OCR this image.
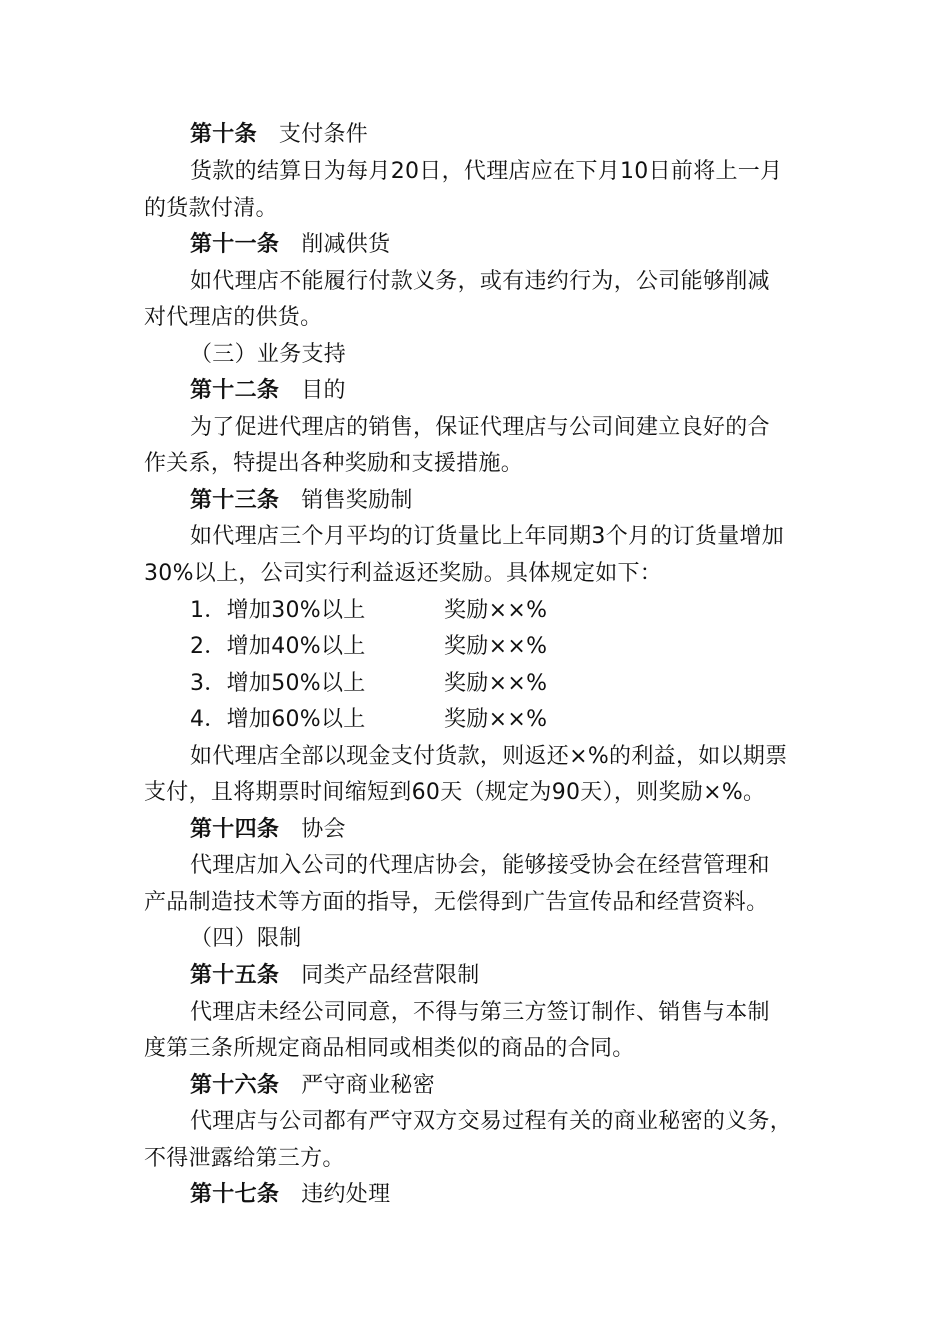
第十条 支付条件
货款的结算日为每月20日，代理店应在下月10日前将上一月
的货款付清。
第十一条 削减供货
如代理店不能履行付款义务，或有违约行为，公司能够削减
对代理店的供货。
（三）业务支持
第十二条 目的
为了促进代理店的销售，保证代理店与公司间建立良好的合
作关系，特提出各种奖励和支援措施。
第十三条 销售奖励制
如代理店三个月平均的订货量比上年同期3个月的订货量增加
30%以上，公司实行利益返还奖励。具体规定如下：
1．增加30%以上	奖励××%
2．增加40%以上	奖励××%
3．增加50%以上	奖励××%
4．增加60%以上	奖励××%
如代理店全部以现金支付货款，则返还×%的利益，如以期票
支付，且将期票时间缩短到60天（规定为90天），则奖励×%。
第十四条 协会
代理店加入公司的代理店协会，能够接受协会在经营管理和
产品制造技术等方面的指导，无偿得到广告宣传品和经营资料。
（四）限制
第十五条 同类产品经营限制
代理店未经公司同意，不得与第三方签订制作、销售与本制
度第三条所规定商品相同或相类似的商品的合同。
第十六条 严守商业秘密
代理店与公司都有严守双方交易过程有关的商业秘密的义务，
不得泄露给第三方。
第十七条 违约处理
